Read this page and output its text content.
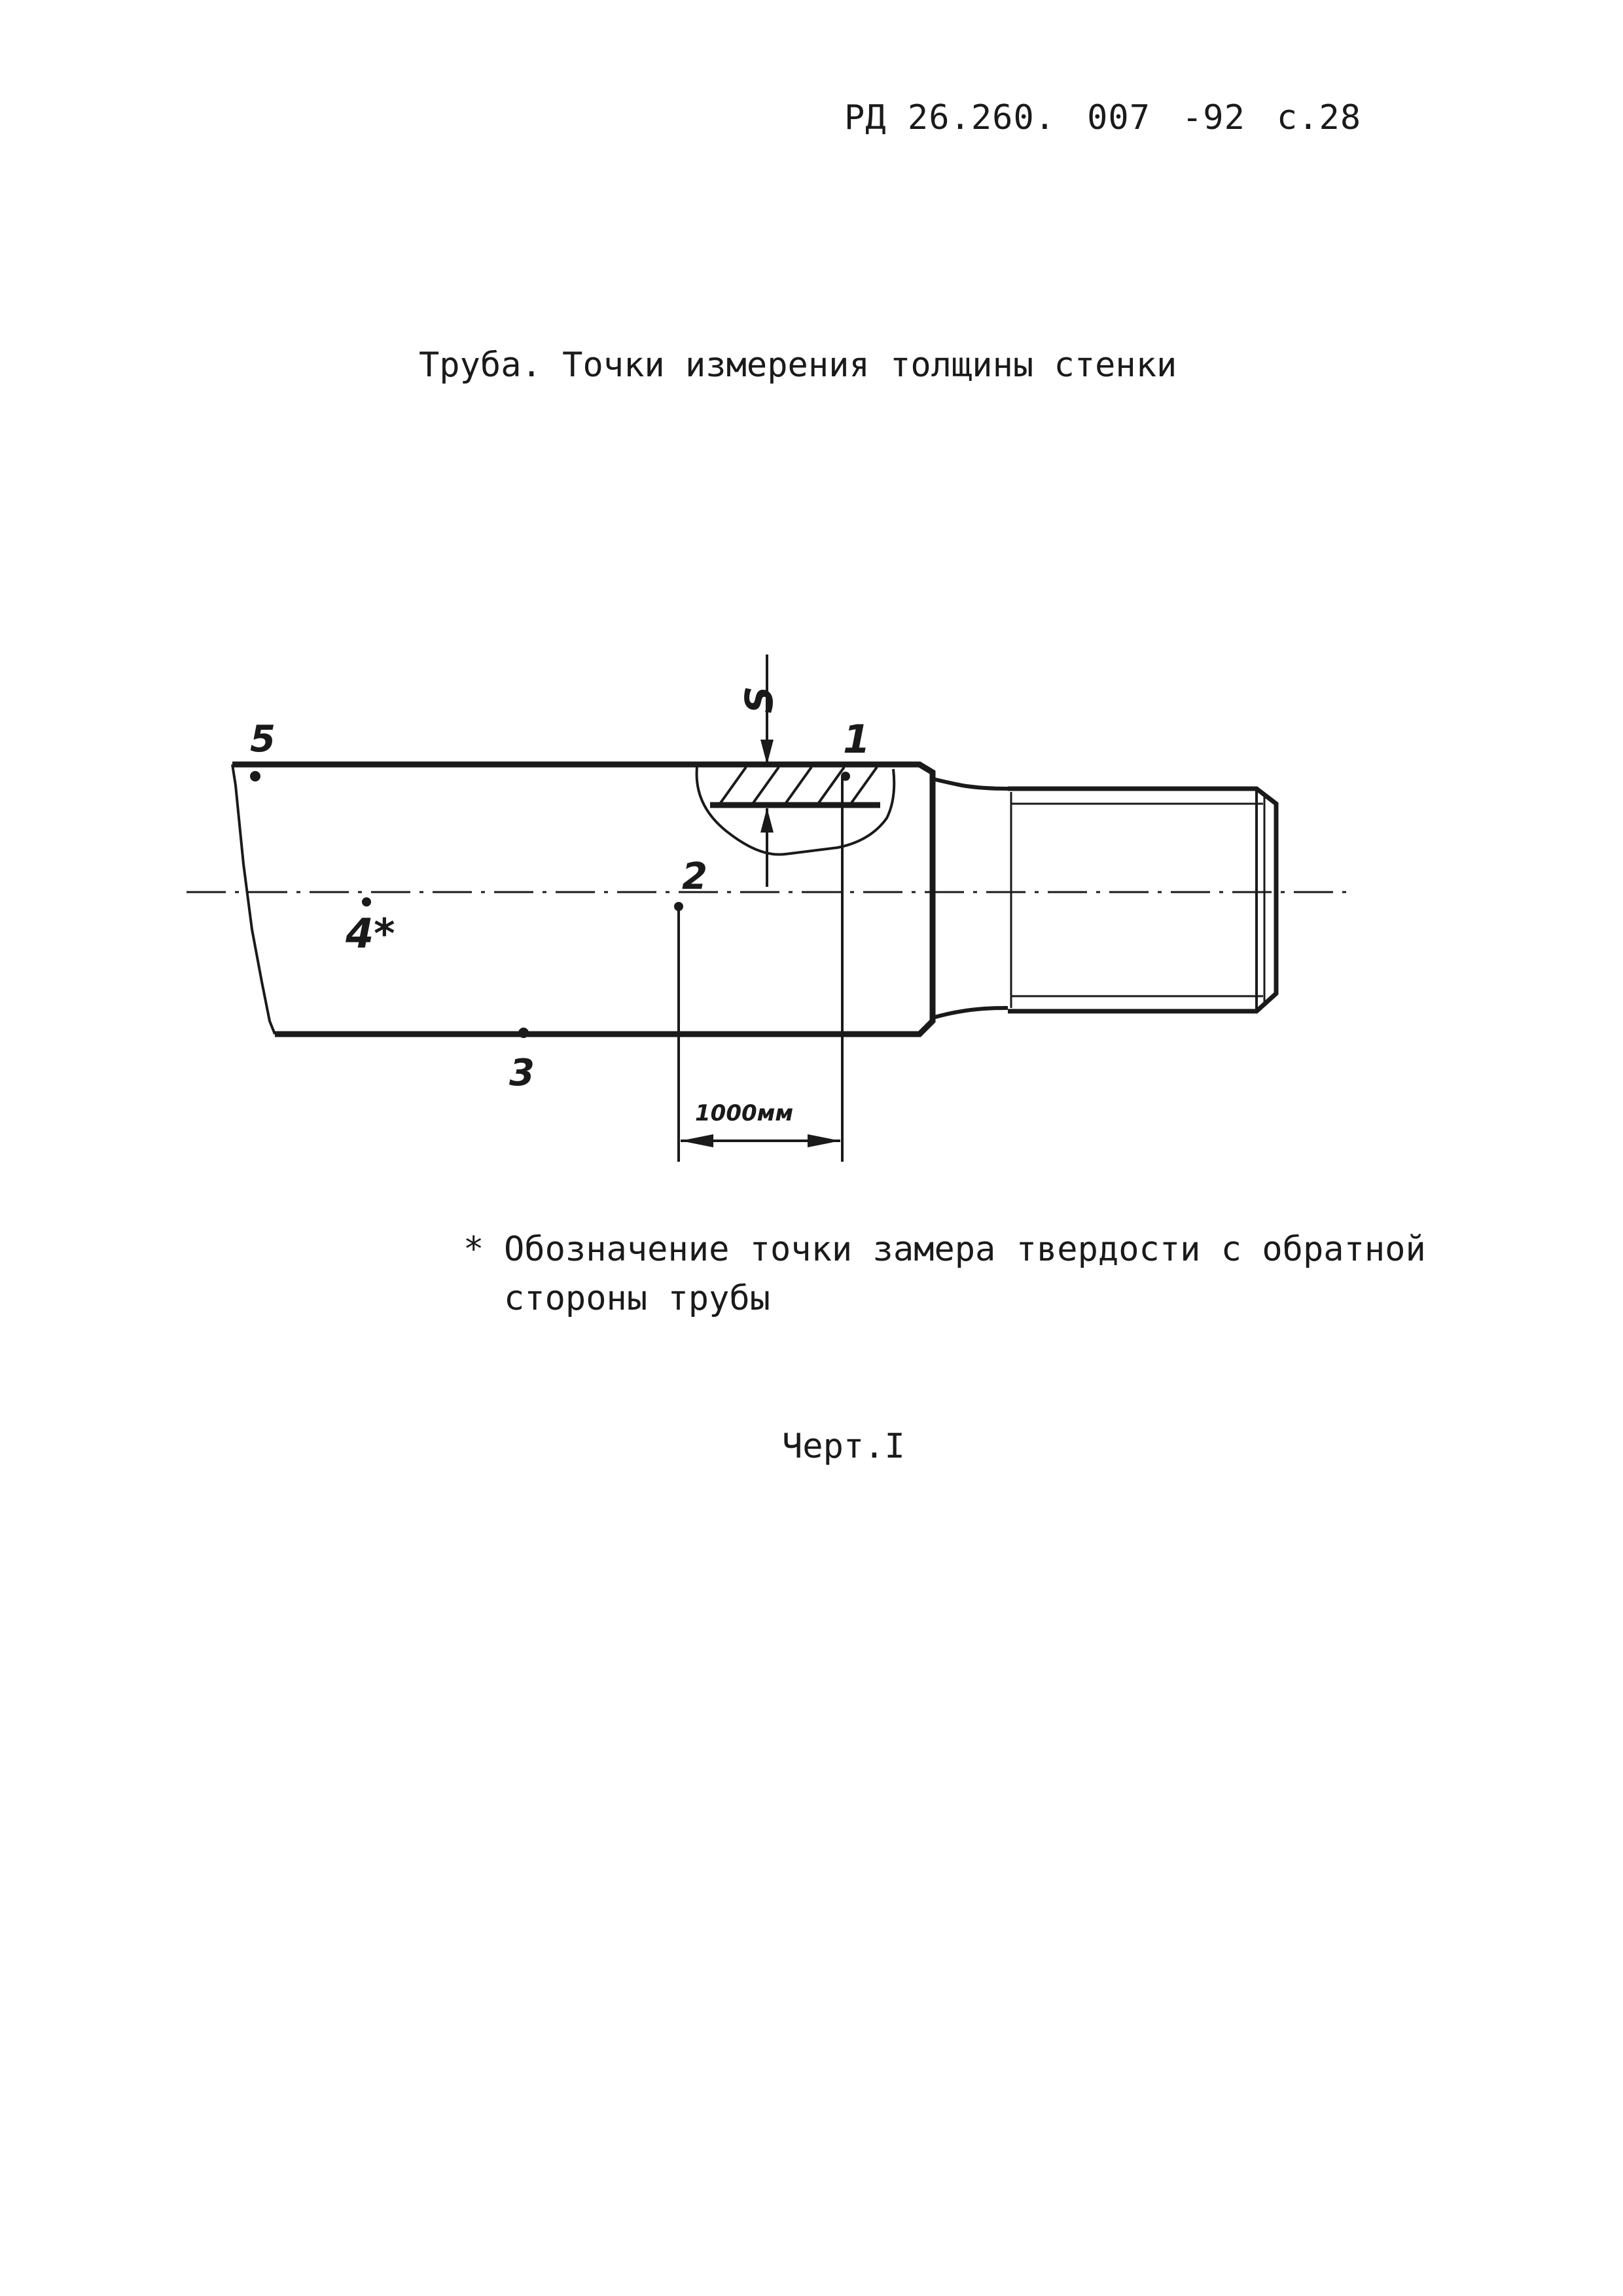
РД 26.260. 007 -92 с.28
Труба. Точки измерения толщины стенки
5
S
1
2
4*
3
1000мм
* Обозначение точки замера твердости с обратной
стороны трубы
Черт.I
